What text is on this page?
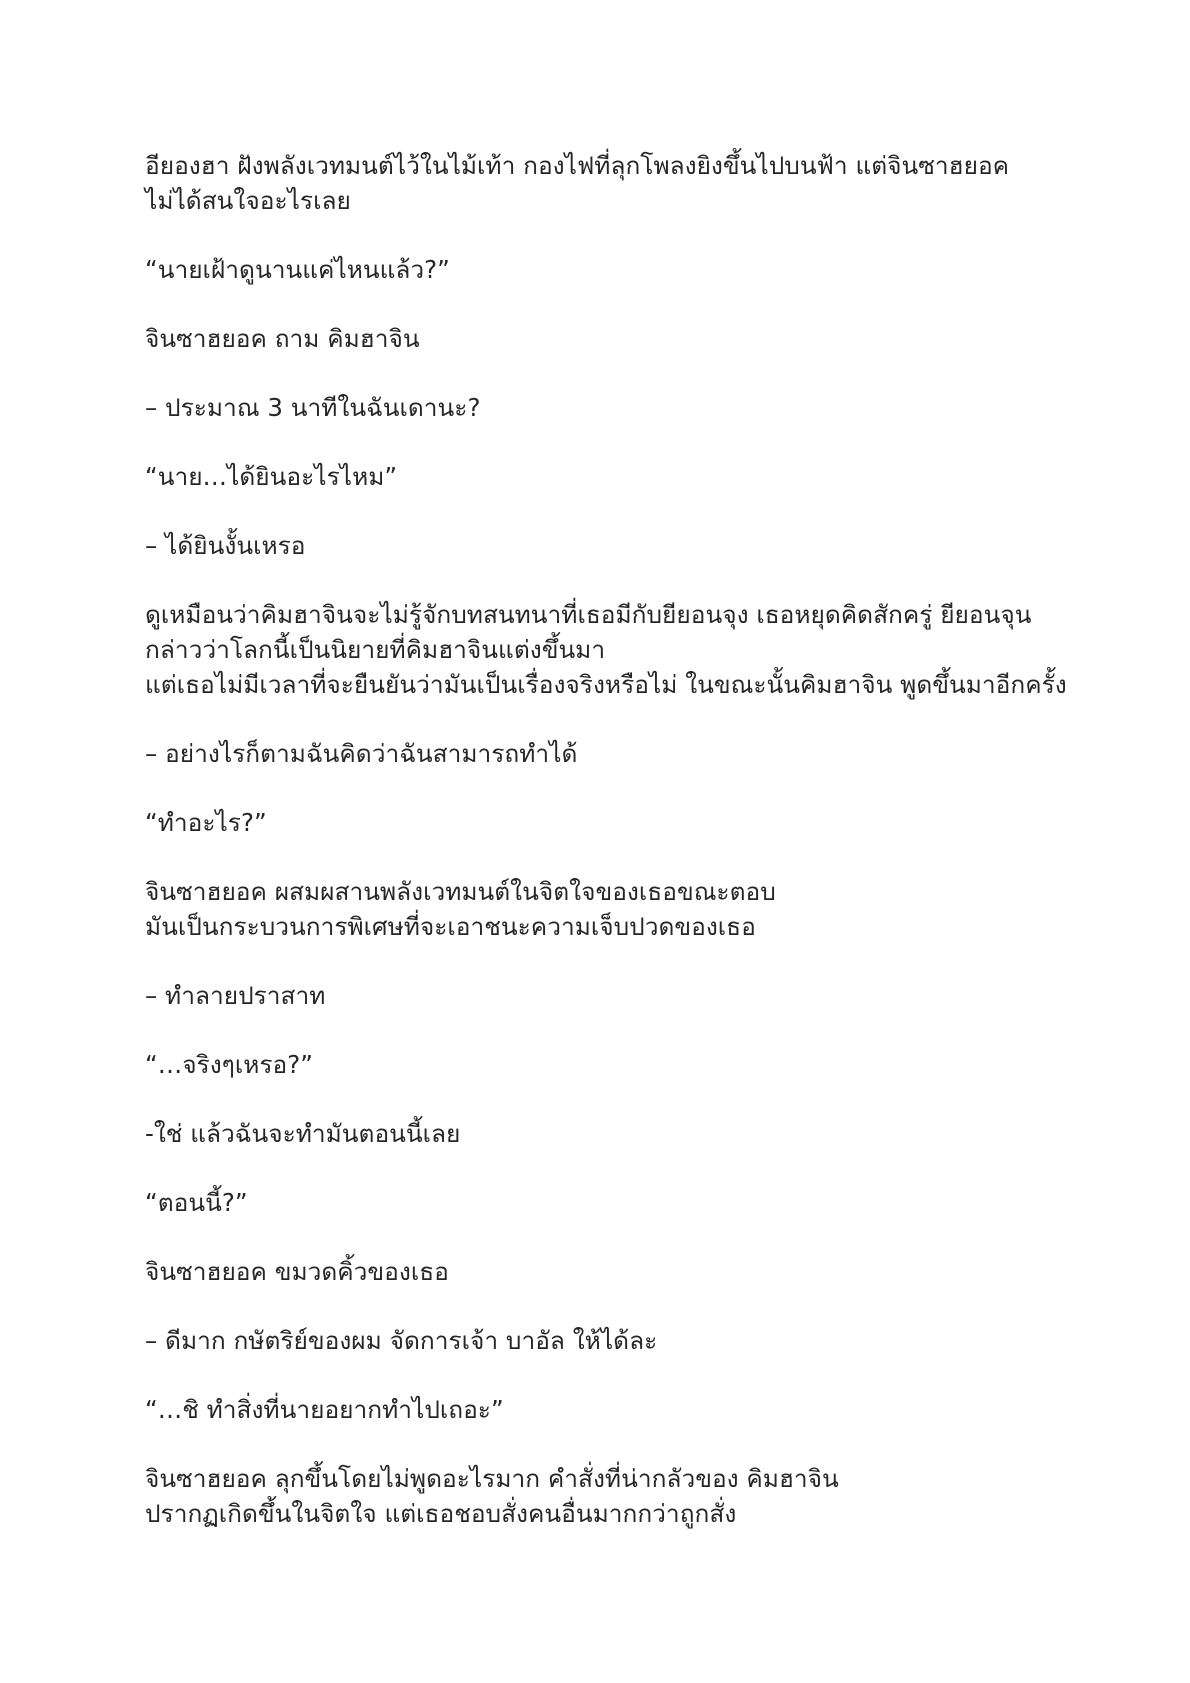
อียองฮา ฝังพลังเวทมนต์ไว้ในไม้เท้า กองไฟที่ลุกโพลงยิงขึ้นไปบนฟ้า แต่จินซาฮยอค
ไม่ได้สนใจอะไรเลย

“นายเฝ้าดูนานแค่ไหนแล้ว?”

จินซาฮยอค ถาม คิมฮาจิน

– ประมาณ 3 นาทีในฉันเดานะ?

“นาย…ได้ยินอะไรไหม”

– ได้ยินงั้นเหรอ

ดูเหมือนว่าคิมฮาจินจะไม่รู้จักบทสนทนาที่เธอมีกับยียอนจุง เธอหยุดคิดสักครู่ ยียอนจุน
กล่าวว่าโลกนี้เป็นนิยายที่คิมฮาจินแต่งขึ้นมา
แต่เธอไม่มีเวลาที่จะยืนยันว่ามันเป็นเรื่องจริงหรือไม่ ในขณะนั้นคิมฮาจิน พูดขึ้นมาอีกครั้ง

– อย่างไรก็ตามฉันคิดว่าฉันสามารถทำได้

“ทำอะไร?”

จินซาฮยอค ผสมผสานพลังเวทมนต์ในจิตใจของเธอขณะตอบ
มันเป็นกระบวนการพิเศษที่จะเอาชนะความเจ็บปวดของเธอ

– ทำลายปราสาท

“…จริงๆเหรอ?”

-ใช่ แล้วฉันจะทำมันตอนนี้เลย

“ตอนนี้?”

จินซาฮยอค ขมวดคิ้วของเธอ

– ดีมาก กษัตริย์ของผม จัดการเจ้า บาอัล ให้ได้ละ

“…ชิ ทำสิ่งที่นายอยากทำไปเถอะ”

จินซาฮยอค ลุกขึ้นโดยไม่พูดอะไรมาก คำสั่งที่น่ากลัวของ คิมฮาจิน
ปรากฏเกิดขึ้นในจิตใจ แต่เธอชอบสั่งคนอื่นมากกว่าถูกสั่ง
